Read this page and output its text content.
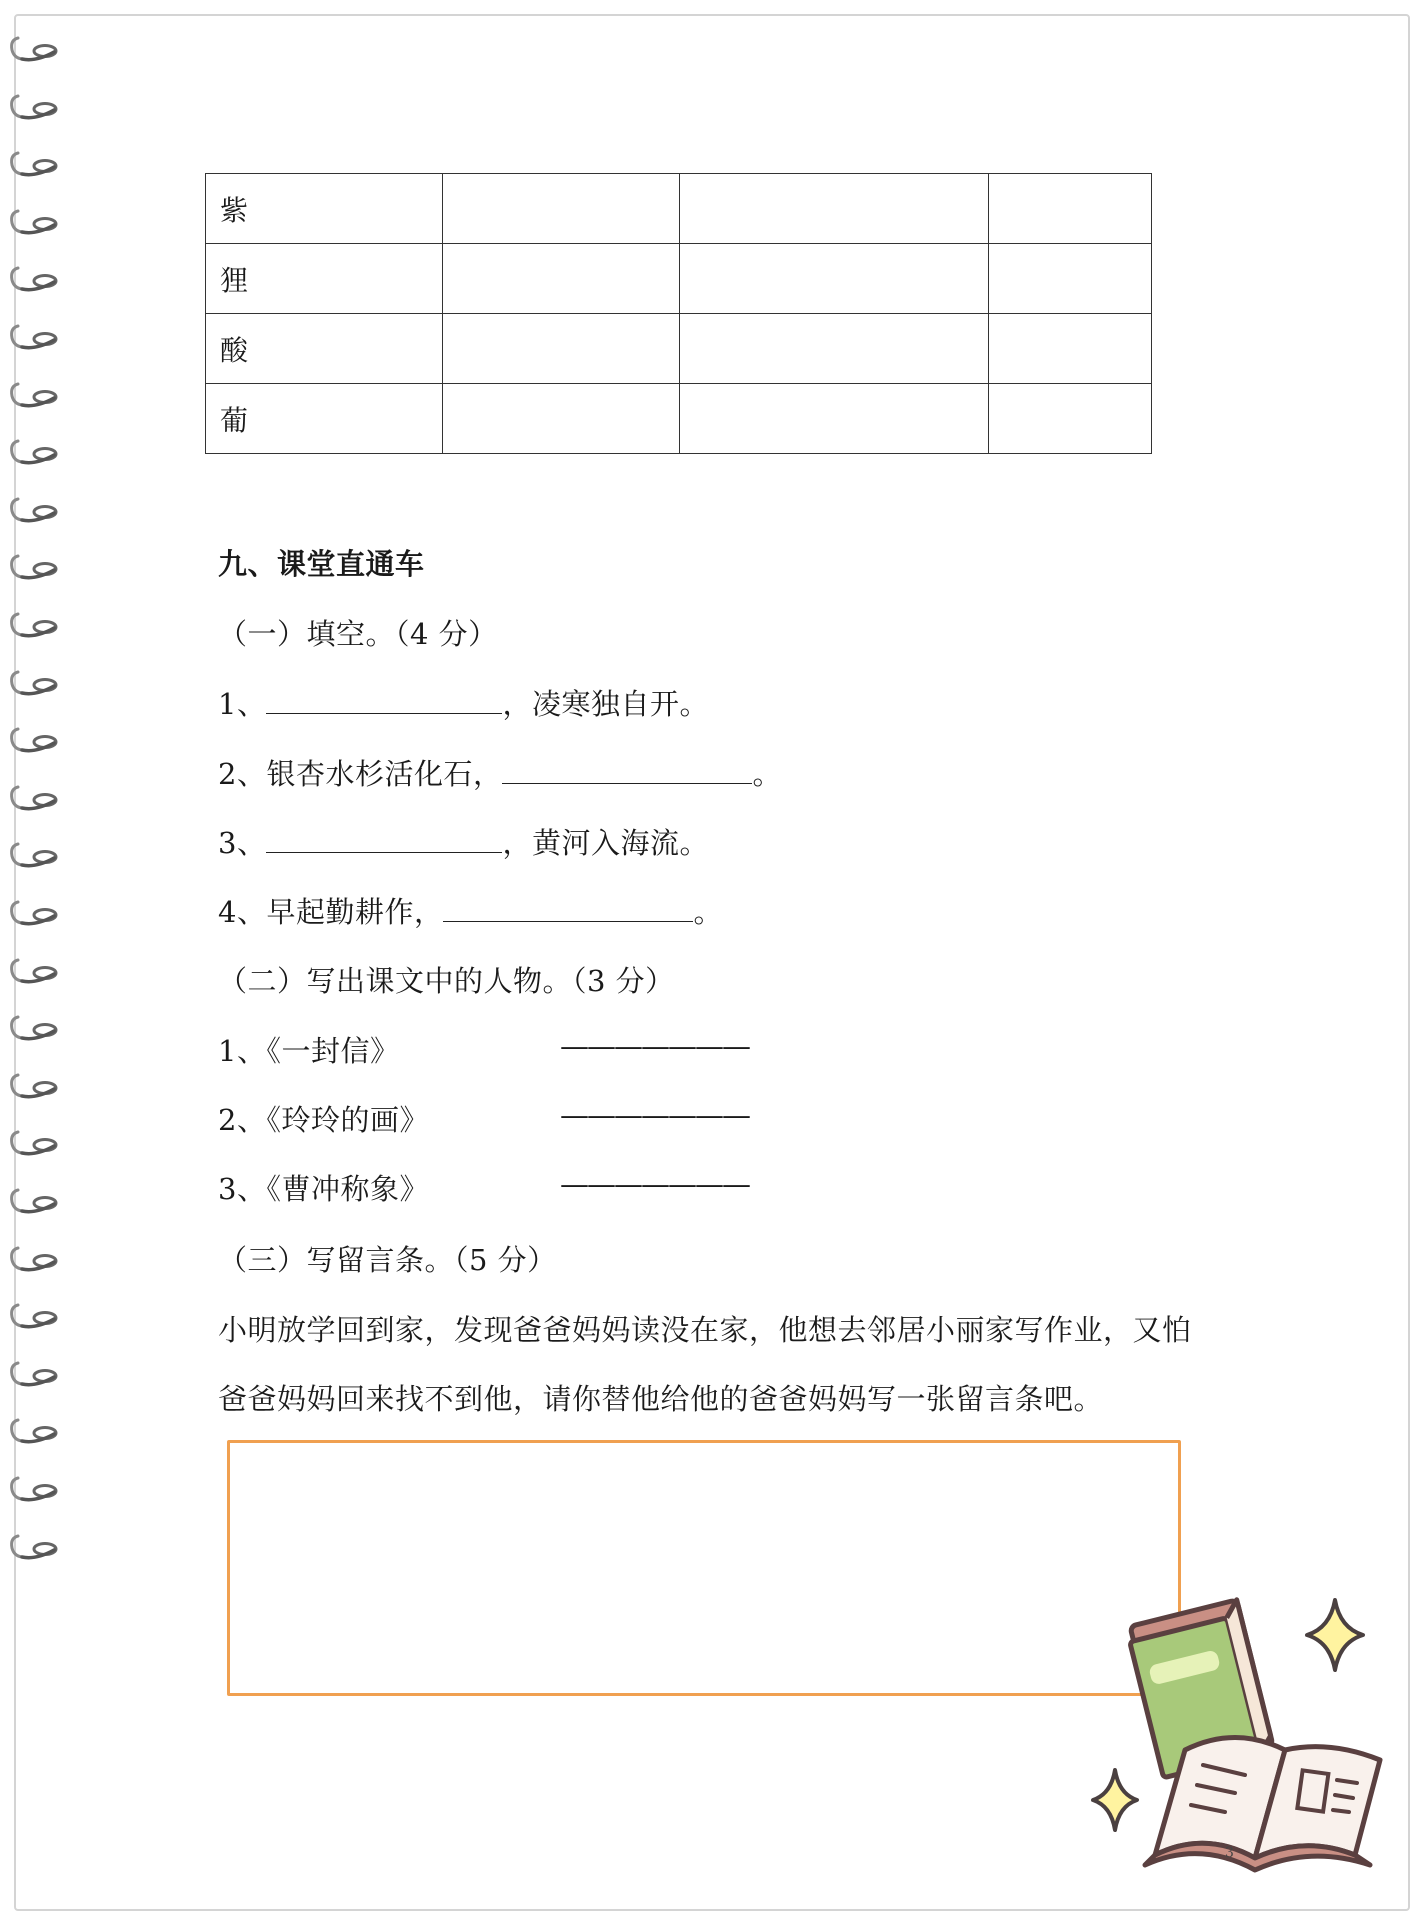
紫			
狸			
酸			
葡			
九、课堂直通车
（一）填空。（4 分）
1、	，凌寒独自开。
2、银杏水杉活化石，	。
3、	，黄河入海流。
4、早起勤耕作，	。
（二）写出课文中的人物。（3 分）
1、《一封信》	———————
2、《玲玲的画》	———————
3、《曹冲称象》	———————
（三）写留言条。（5 分）
小明放学回到家，发现爸爸妈妈读没在家，他想去邻居小丽家写作业，又怕
爸爸妈妈回来找不到他，请你替他给他的爸爸妈妈写一张留言条吧。
3
